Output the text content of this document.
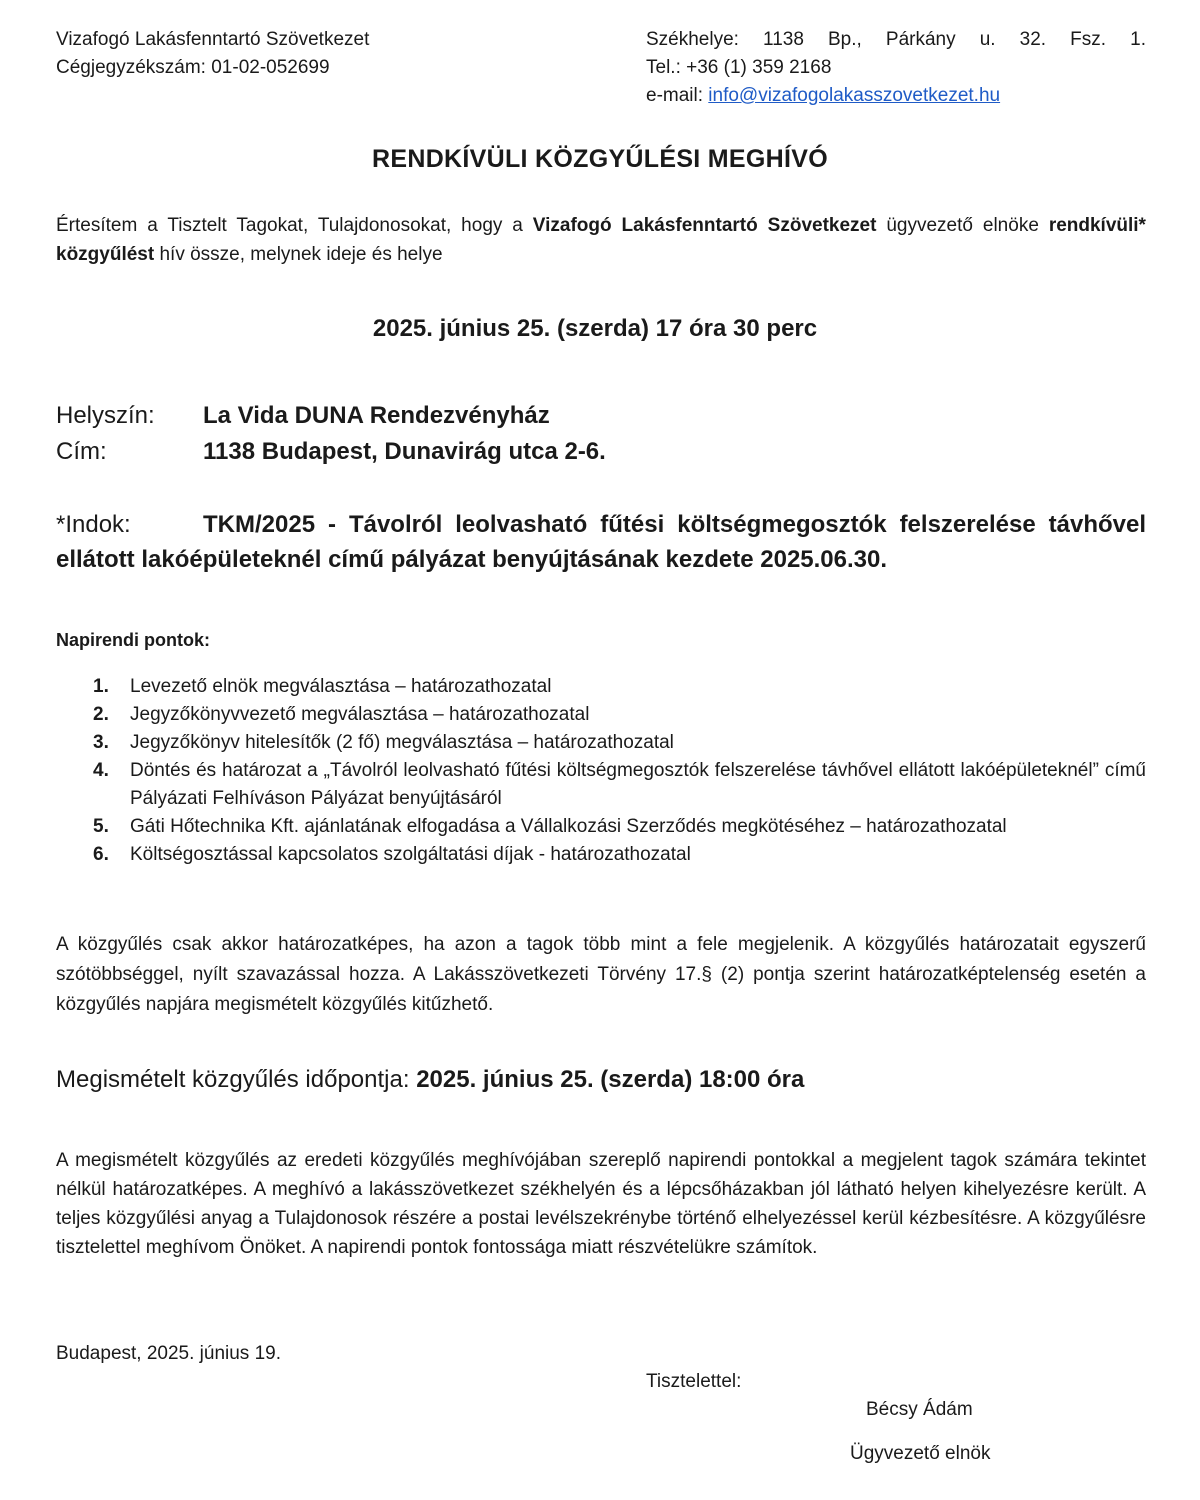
Vizafogó Lakásfenntartó Szövetkezet
Cégjegyzékszám: 01-02-052699
Székhelye: 1138 Bp., Párkány u. 32. Fsz. 1.
Tel.: +36 (1) 359 2168
e-mail: info@vizafogolakasszovetkezet.hu
RENDKÍVÜLI KÖZGYŰLÉSI MEGHÍVÓ
Értesítem a Tisztelt Tagokat, Tulajdonosokat, hogy a Vizafogó Lakásfenntartó Szövetkezet ügyvezető elnöke rendkívüli* közgyűlést hív össze, melynek ideje és helye
2025. június 25. (szerda) 17 óra 30 perc
Helyszín: La Vida DUNA Rendezvényház
Cím:	1138 Budapest, Dunavirág utca 2-6.
*Indok:	TKM/2025 - Távolról leolvasható fűtési költségmegosztók felszerelése távhővel ellátott lakóépületeknél című pályázat benyújtásának kezdete 2025.06.30.
Napirendi pontok:
1. Levezető elnök megválasztása – határozathozatal
2. Jegyzőkönyvvezető megválasztása – határozathozatal
3. Jegyzőkönyv hitelesítők (2 fő) megválasztása – határozathozatal
4. Döntés és határozat a „Távolról leolvasható fűtési költségmegosztók felszerelése távhővel ellátott lakóépületeknél” című Pályázati Felhíváson Pályázat benyújtásáról
5. Gáti Hőtechnika Kft. ajánlatának elfogadása a Vállalkozási Szerződés megkötéséhez – határozathozatal
6. Költségosztással kapcsolatos szolgáltatási díjak - határozathozatal
A közgyűlés csak akkor határozatképes, ha azon a tagok több mint a fele megjelenik. A közgyűlés határozatait egyszerű szótöbbséggel, nyílt szavazással hozza. A Lakásszövetkezeti Törvény 17.§ (2) pontja szerint határozatképtelenség esetén a közgyűlés napjára megismételt közgyűlés kitűzhető.
Megismételt közgyűlés időpontja: 2025. június 25. (szerda) 18:00 óra
A megismételt közgyűlés az eredeti közgyűlés meghívójában szereplő napirendi pontokkal a megjelent tagok számára tekintet nélkül határozatképes. A meghívó a lakásszövetkezet székhelyén és a lépcsőházakban jól látható helyen kihelyezésre került. A teljes közgyűlési anyag a Tulajdonosok részére a postai levélszekrénybe történő elhelyezéssel kerül kézbesítésre. A közgyűlésre tisztelettel meghívom Önöket. A napirendi pontok fontossága miatt részvételükre számítok.
Budapest, 2025. június 19.
Tisztelettel:
Bécsy Ádám
Ügyvezető elnök
